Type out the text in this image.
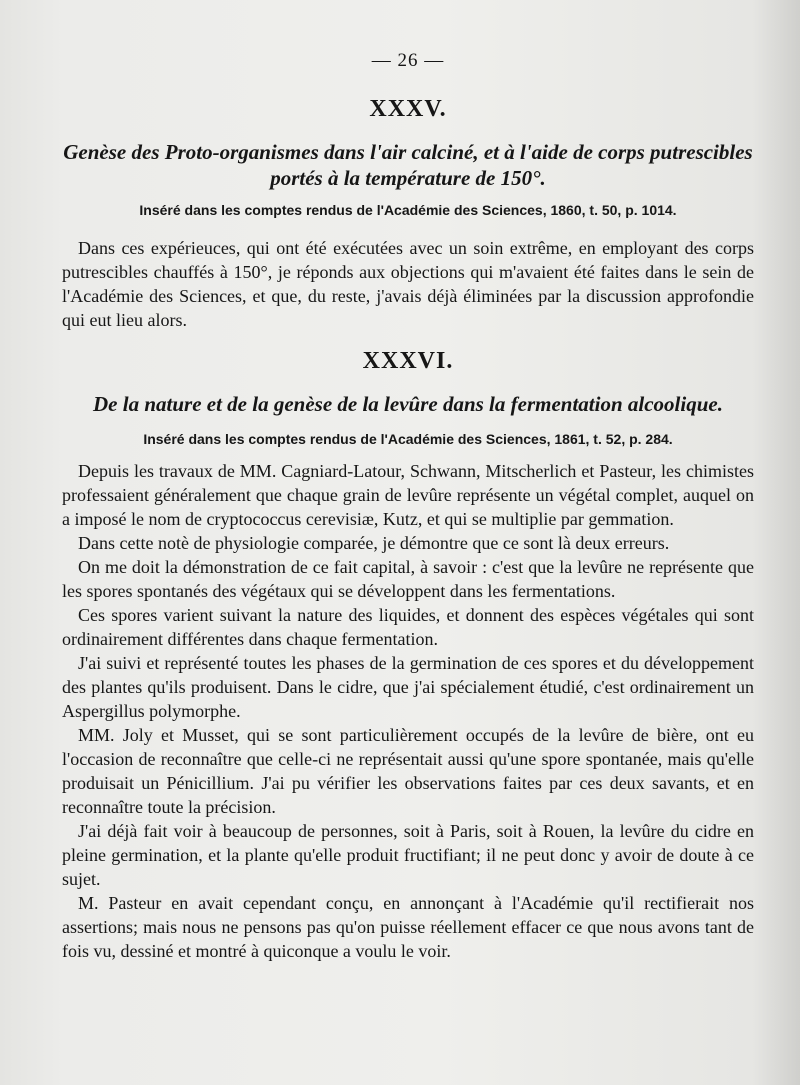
— 26 —
XXXV.
Genèse des Proto-organismes dans l'air calciné, et à l'aide de corps putrescibles portés à la température de 150°.
Inséré dans les comptes rendus de l'Académie des Sciences, 1860, t. 50, p. 1014.

Dans ces expérieuces, qui ont été exécutées avec un soin extrême, en employant des corps putrescibles chauffés à 150°, je réponds aux objections qui m'avaient été faites dans le sein de l'Académie des Sciences, et que, du reste, j'avais déjà éliminées par la discussion approfondie qui eut lieu alors.

XXXVI.
De la nature et de la genèse de la levûre dans la fermentation alcoolique.
Inséré dans les comptes rendus de l'Académie des Sciences, 1861, t. 52, p. 284.

Depuis les travaux de MM. Cagniard-Latour, Schwann, Mitscherlich et Pasteur, les chimistes professaient généralement que chaque grain de levûre représente un végétal complet, auquel on a imposé le nom de cryptococcus cerevisiæ, Kutz, et qui se multiplie par gemmation.

Dans cette notè de physiologie comparée, je démontre que ce sont là deux erreurs.

On me doit la démonstration de ce fait capital, à savoir : c'est que la levûre ne représente que les spores spontanés des végétaux qui se développent dans les fermentations.

Ces spores varient suivant la nature des liquides, et donnent des espèces végétales qui sont ordinairement différentes dans chaque fermentation.

J'ai suivi et représenté toutes les phases de la germination de ces spores et du développement des plantes qu'ils produisent. Dans le cidre, que j'ai spécialement étudié, c'est ordinairement un Aspergillus polymorphe.

MM. Joly et Musset, qui se sont particulièrement occupés de la levûre de bière, ont eu l'occasion de reconnaître que celle-ci ne représentait aussi qu'une spore spontanée, mais qu'elle produisait un Pénicillium. J'ai pu vérifier les observations faites par ces deux savants, et en reconnaître toute la précision.

J'ai déjà fait voir à beaucoup de personnes, soit à Paris, soit à Rouen, la levûre du cidre en pleine germination, et la plante qu'elle produit fructifiant; il ne peut donc y avoir de doute à ce sujet.

M. Pasteur en avait cependant conçu, en annonçant à l'Académie qu'il rectifierait nos assertions; mais nous ne pensons pas qu'on puisse réellement effacer ce que nous avons tant de fois vu, dessiné et montré à quiconque a voulu le voir.
